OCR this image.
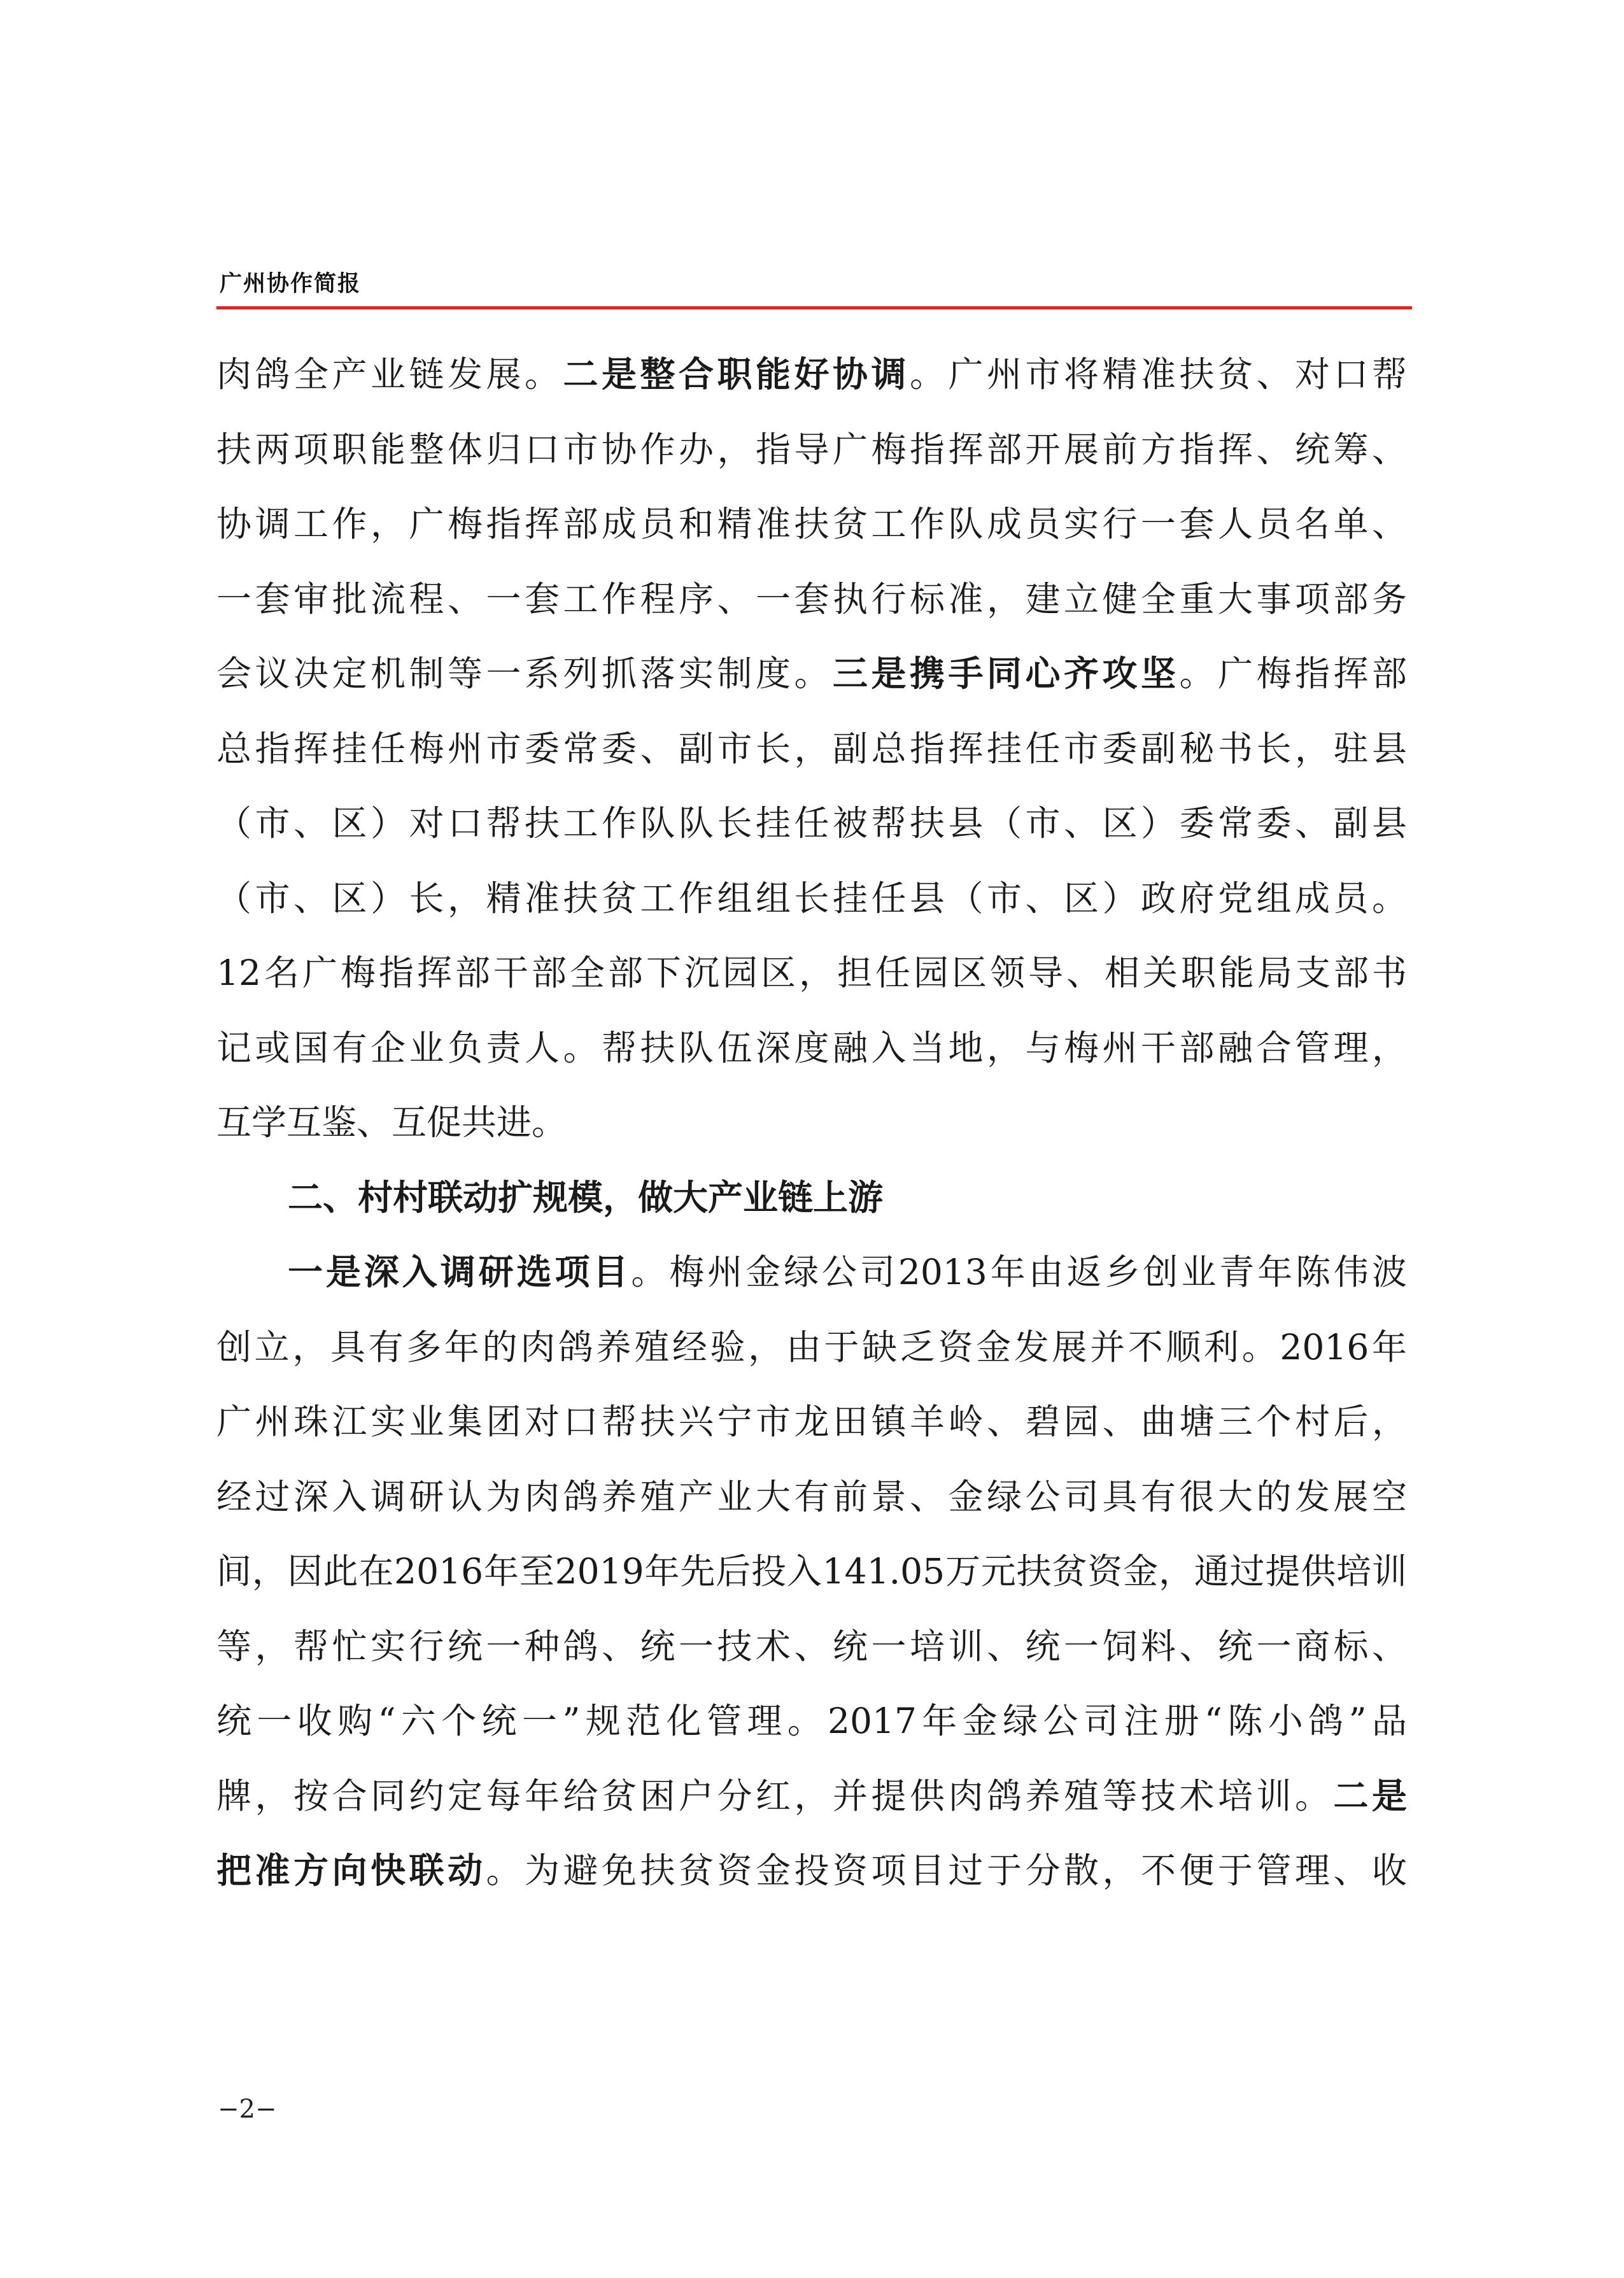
广州协作简报
肉鸽全产业链发展。二是整合职能好协调。广州市将精准扶贫、对口帮
扶两项职能整体归口市协作办，指导广梅指挥部开展前方指挥、统筹、
协调工作，广梅指挥部成员和精准扶贫工作队成员实行一套人员名单、
一套审批流程、一套工作程序、一套执行标准，建立健全重大事项部务
会议决定机制等一系列抓落实制度。三是携手同心齐攻坚。广梅指挥部
总指挥挂任梅州市委常委、副市长，副总指挥挂任市委副秘书长，驻县
（市、区）对口帮扶工作队队长挂任被帮扶县（市、区）委常委、副县
（市、区）长，精准扶贫工作组组长挂任县（市、区）政府党组成员。
12名广梅指挥部干部全部下沉园区，担任园区领导、相关职能局支部书
记或国有企业负责人。帮扶队伍深度融入当地，与梅州干部融合管理，
互学互鉴、互促共进。
二、村村联动扩规模，做大产业链上游
一是深入调研选项目。梅州金绿公司2013年由返乡创业青年陈伟波
创立，具有多年的肉鸽养殖经验，由于缺乏资金发展并不顺利。2016年
广州珠江实业集团对口帮扶兴宁市龙田镇羊岭、碧园、曲塘三个村后，
经过深入调研认为肉鸽养殖产业大有前景、金绿公司具有很大的发展空
间，因此在2016年至2019年先后投入141.05万元扶贫资金，通过提供培训
等，帮忙实行统一种鸽、统一技术、统一培训、统一饲料、统一商标、
统一收购“六个统一”规范化管理。2017年金绿公司注册“陈小鸽”品
牌，按合同约定每年给贫困户分红，并提供肉鸽养殖等技术培训。二是
把准方向快联动。为避免扶贫资金投资项目过于分散，不便于管理、收
−2−
